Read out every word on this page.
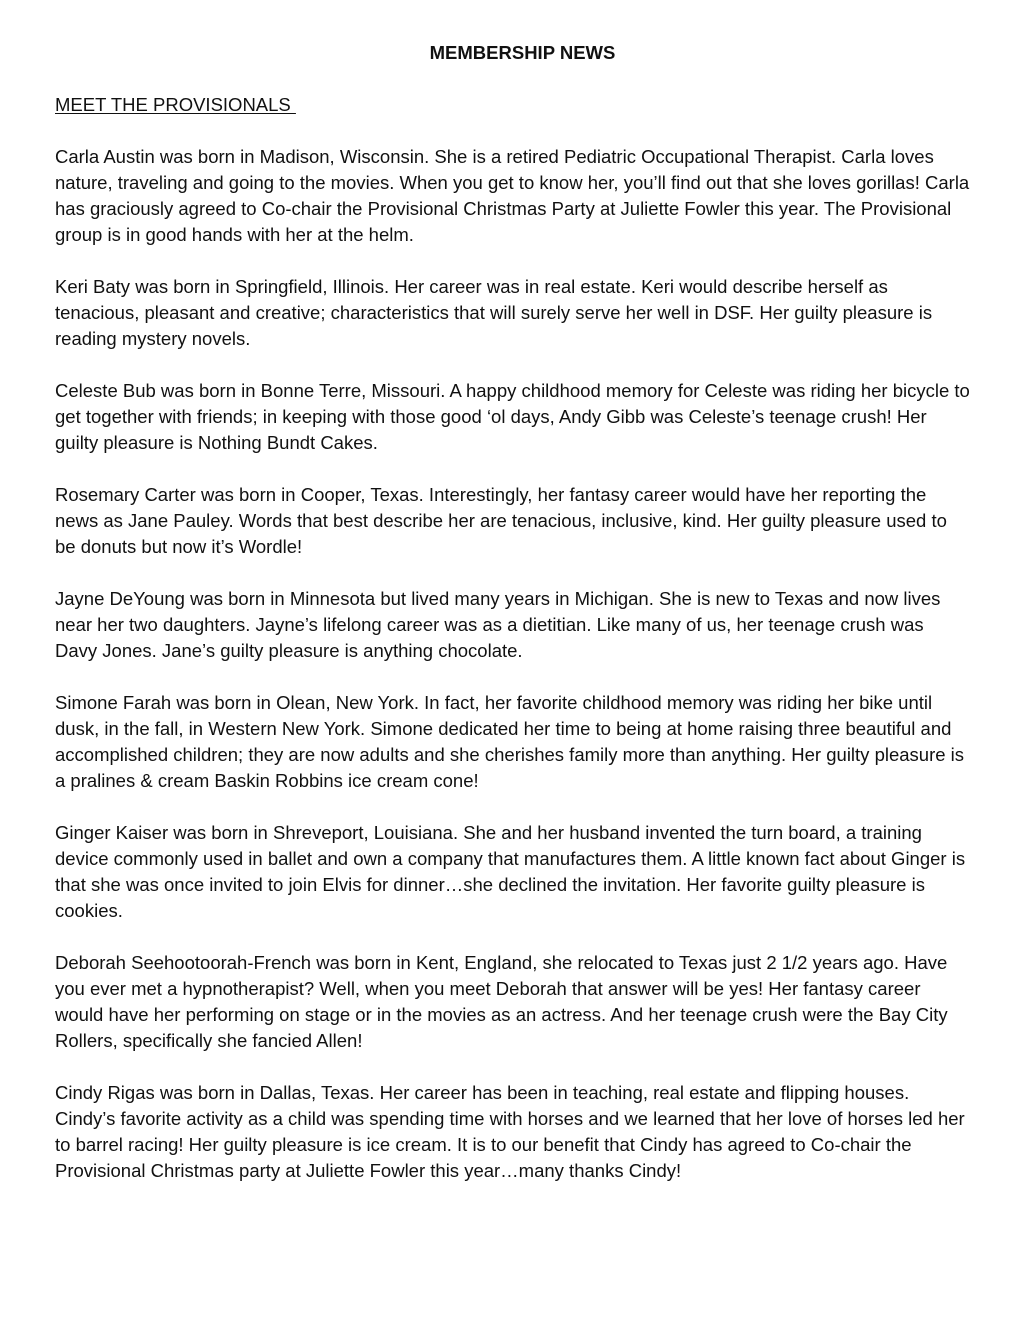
MEMBERSHIP NEWS
MEET THE PROVISIONALS

Carla Austin was born in Madison, Wisconsin. She is a retired Pediatric Occupational Therapist. Carla loves nature, traveling and going to the movies. When you get to know her, you’ll find out that she loves gorillas! Carla has graciously agreed to Co-chair the Provisional Christmas Party at Juliette Fowler this year. The Provisional group is in good hands with her at the helm.

Keri Baty was born in Springfield, Illinois. Her career was in real estate. Keri would describe herself as tenacious, pleasant and creative; characteristics that will surely serve her well in DSF. Her guilty pleasure is reading mystery novels.

Celeste Bub was born in Bonne Terre, Missouri. A happy childhood memory for Celeste was riding her bicycle to get together with friends; in keeping with those good ‘ol days, Andy Gibb was Celeste’s teenage crush! Her guilty pleasure is Nothing Bundt Cakes.

Rosemary Carter was born in Cooper, Texas. Interestingly, her fantasy career would have her reporting the news as Jane Pauley. Words that best describe her are tenacious, inclusive, kind. Her guilty pleasure used to be donuts but now it’s Wordle!

Jayne DeYoung was born in Minnesota but lived many years in Michigan. She is new to Texas and now lives near her two daughters. Jayne’s lifelong career was as a dietitian. Like many of us, her teenage crush was Davy Jones. Jane’s guilty pleasure is anything chocolate.

Simone Farah was born in Olean, New York. In fact, her favorite childhood memory was riding her bike until dusk, in the fall, in Western New York. Simone dedicated her time to being at home raising three beautiful and accomplished children; they are now adults and she cherishes family more than anything. Her guilty pleasure is a pralines & cream Baskin Robbins ice cream cone!

Ginger Kaiser was born in Shreveport, Louisiana. She and her husband invented the turn board, a training device commonly used in ballet and own a company that manufactures them. A little known fact about Ginger is that she was once invited to join Elvis for dinner…she declined the invitation. Her favorite guilty pleasure is cookies.

Deborah Seehootoorah-French was born in Kent, England, she relocated to Texas just 2 1/2 years ago. Have you ever met a hypnotherapist? Well, when you meet Deborah that answer will be yes! Her fantasy career would have her performing on stage or in the movies as an actress. And her teenage crush were the Bay City Rollers, specifically she fancied Allen!

Cindy Rigas was born in Dallas, Texas. Her career has been in teaching, real estate and flipping houses. Cindy’s favorite activity as a child was spending time with horses and we learned that her love of horses led her to barrel racing! Her guilty pleasure is ice cream. It is to our benefit that Cindy has agreed to Co-chair the Provisional Christmas party at Juliette Fowler this year…many thanks Cindy!
